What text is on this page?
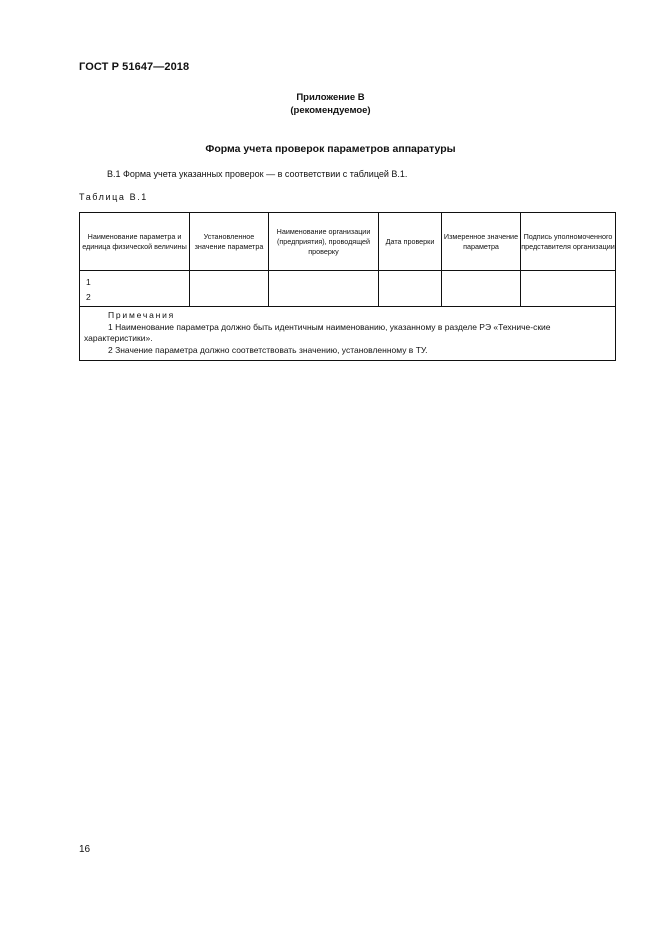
ГОСТ Р 51647—2018
Приложение В
(рекомендуемое)
Форма учета проверок параметров аппаратуры
В.1 Форма учета указанных проверок — в соответствии с таблицей В.1.
Таблица В.1
Наименование параметра и единица физической величины	Установленное значение параметра	Наименование организации (предприятия), проводящей проверку	Дата проверки	Измеренное значение параметра	Подпись уполномоченного представителя организации

1
2					

Примечания
1 Наименование параметра должно быть идентичным наименованию, указанному в разделе РЭ «Техниче-ские характеристики».
2 Значение параметра должно соответствовать значению, установленному в ТУ.					
16
